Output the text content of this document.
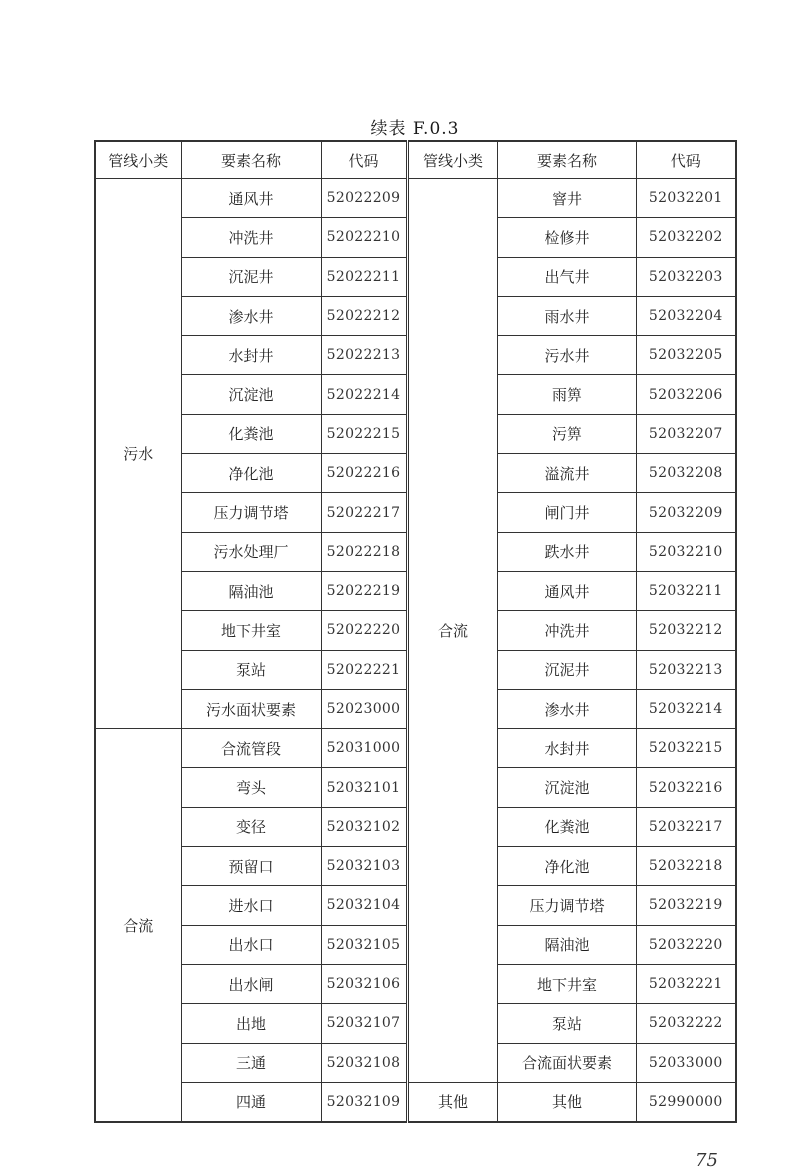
续表 F.0.3
管线小类	要素名称	代码
污水	通风井	52022209
	冲洗井	52022210
	沉泥井	52022211
	渗水井	52022212
	水封井	52022213
	沉淀池	52022214
	化粪池	52022215
	净化池	52022216
	压力调节塔	52022217
	污水处理厂	52022218
	隔油池	52022219
	地下井室	52022220
	泵站	52022221
	污水面状要素	52023000
合流	合流管段	52031000
	弯头	52032101
	变径	52032102
	预留口	52032103
	进水口	52032104
	出水口	52032105
	出水闸	52032106
	出地	52032107
	三通	52032108
	四通	52032109
管线小类	要素名称	代码
合流	窨井	52032201
	检修井	52032202
	出气井	52032203
	雨水井	52032204
	污水井	52032205
	雨箅	52032206
	污箅	52032207
	溢流井	52032208
	闸门井	52032209
	跌水井	52032210
	通风井	52032211
	冲洗井	52032212
	沉泥井	52032213
	渗水井	52032214
	水封井	52032215
	沉淀池	52032216
	化粪池	52032217
	净化池	52032218
	压力调节塔	52032219
	隔油池	52032220
	地下井室	52032221
	泵站	52032222
	合流面状要素	52033000
其他	其他	52990000
75
